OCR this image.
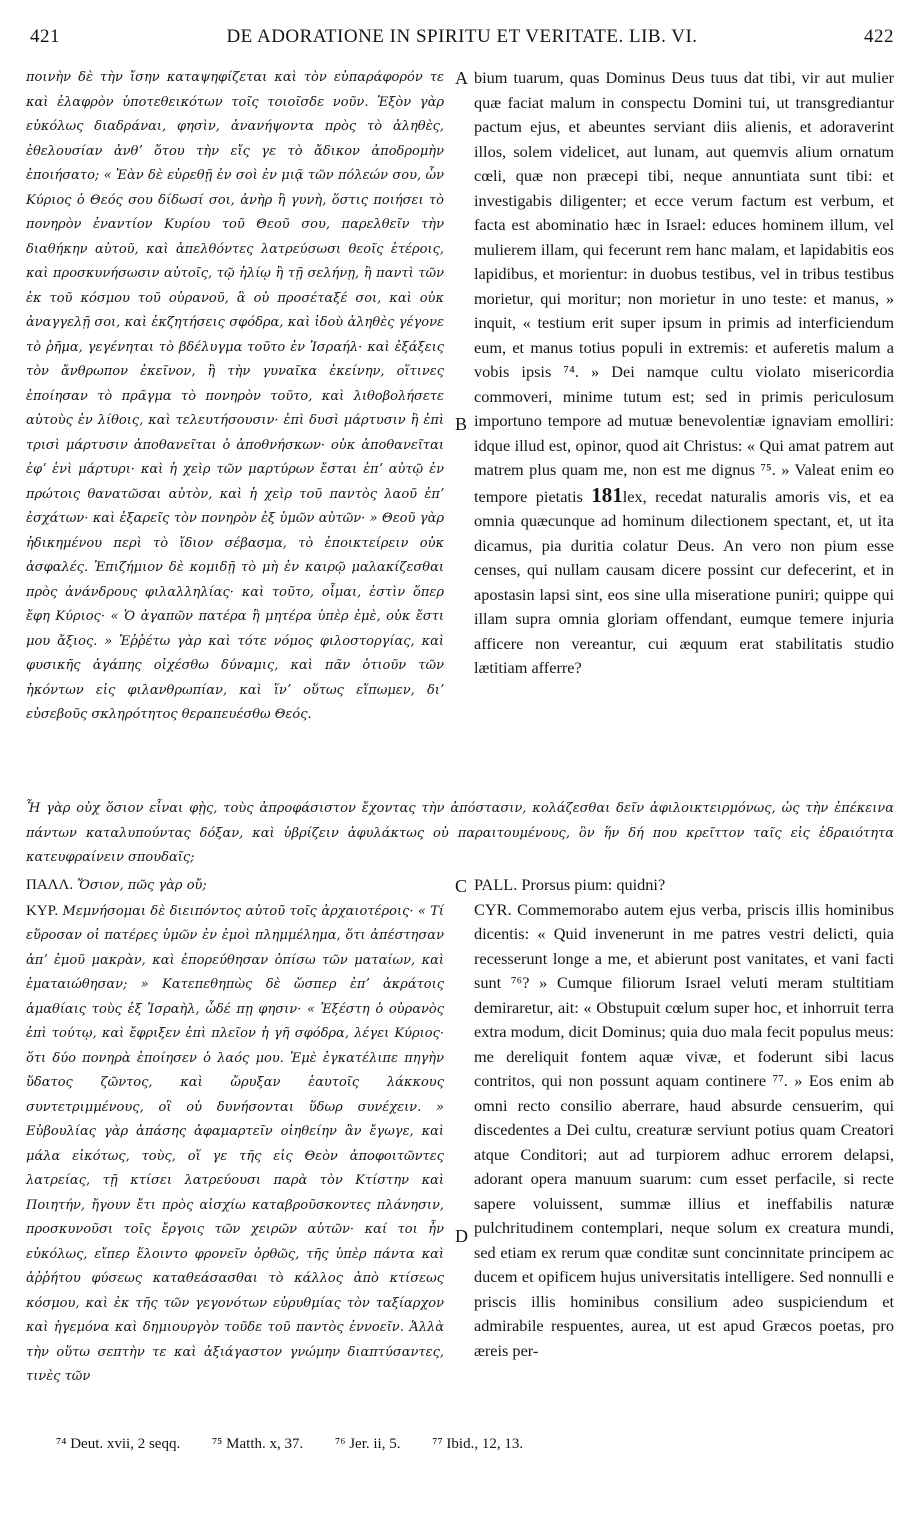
DE ADORATIONE IN SPIRITU ET VERITATE. LIB. VI.
421	422
A
B
C
D

ποινὴν δὲ τὴν ἴσην καταψηφίζεται καὶ τὸν εὐπαράφορόν τε καὶ ἐλαφρὸν ὑποτεθεικότων τοῖς τοιοῖσδε νοῦν. Ἐξὸν γὰρ εὐκόλως διαδράναι, φησὶν, ἀνανήψοντα πρὸς τὸ ἀληθὲς, ἐθελουσίαν ἀνθʼ ὅτου τὴν εἴς γε τὸ ἄδικον ἀποδρομὴν ἐποιήσατο; « Ἐὰν δὲ εὑρεθῇ ἐν σοὶ ἐν μιᾷ τῶν πόλεών σου, ὧν Κύριος ὁ Θεός σου δίδωσί σοι, ἀνὴρ ἢ γυνὴ, ὅστις ποιήσει τὸ πονηρὸν ἐναντίον Κυρίου τοῦ Θεοῦ σου, παρελθεῖν τὴν διαθήκην αὐτοῦ, καὶ ἀπελθόντες λατρεύσωσι θεοῖς ἑτέροις, καὶ προσκυνήσωσιν αὐτοῖς, τῷ ἡλίῳ ἢ τῇ σελήνῃ, ἢ παντὶ τῶν ἐκ τοῦ κόσμου τοῦ οὐρανοῦ, ἃ οὐ προσέταξέ σοι, καὶ οὐκ ἀναγγελῇ σοι, καὶ ἐκζητήσεις σφόδρα, καὶ ἰδοὺ ἀληθὲς γέγονε τὸ ῥῆμα, γεγένηται τὸ βδέλυγμα τοῦτο ἐν Ἰσραήλ· καὶ ἐξάξεις τὸν ἄνθρωπον ἐκεῖνον, ἢ τὴν γυναῖκα ἐκείνην, οἵτινες ἐποίησαν τὸ πρᾶγμα τὸ πονηρὸν τοῦτο, καὶ λιθοβολήσετε αὐτοὺς ἐν λίθοις, καὶ τελευτήσουσιν· ἐπὶ δυσὶ μάρτυσιν ἢ ἐπὶ τρισὶ μάρτυσιν ἀποθανεῖται ὁ ἀποθνήσκων· οὐκ ἀποθανεῖται ἐφʼ ἑνὶ μάρτυρι· καὶ ἡ χεὶρ τῶν μαρτύρων ἔσται ἐπʼ αὐτῷ ἐν πρώτοις θανατῶσαι αὐτὸν, καὶ ἡ χεὶρ τοῦ παντὸς λαοῦ ἐπʼ ἐσχάτων· καὶ ἐξαρεῖς τὸν πονηρὸν ἐξ ὑμῶν αὐτῶν· » Θεοῦ γὰρ ἠδικημένου περὶ τὸ ἴδιον σέβασμα, τὸ ἐποικτείρειν οὐκ ἀσφαλές. Ἐπιζήμιον δὲ κομιδῇ τὸ μὴ ἐν καιρῷ μαλακίζεσθαι πρὸς ἀνάνδρους φιλαλληλίας· καὶ τοῦτο, οἶμαι, ἐστὶν ὅπερ ἔφη Κύριος· « Ὁ ἀγαπῶν πατέρα ἢ μητέρα ὑπὲρ ἐμὲ, οὐκ ἔστι μου ἄξιος. » Ἐῤῥέτω γὰρ καὶ τότε νόμος φιλοστοργίας, καὶ φυσικῆς ἀγάπης οἰχέσθω δύναμις, καὶ πᾶν ὁτιοῦν τῶν ἡκόντων εἰς φιλανθρωπίαν, καὶ ἵνʼ οὕτως εἴπωμεν, διʼ εὐσεβοῦς σκληρότητος θεραπευέσθω Θεός.

bium tuarum, quas Dominus Deus tuus dat tibi, vir aut mulier quæ faciat malum in conspectu Domini tui, ut transgrediantur pactum ejus, et abeuntes serviant diis alienis, et adoraverint illos, solem videlicet, aut lunam, aut quemvis alium ornatum cœli, quæ non præcepi tibi, neque annuntiata sunt tibi: et investigabis diligenter; et ecce verum factum est verbum, et facta est abominatio hæc in Israel: educes hominem illum, vel mulierem illam, qui fecerunt rem hanc malam, et lapidabitis eos lapidibus, et morientur: in duobus testibus, vel in tribus testibus morietur, qui moritur; non morietur in uno teste: et manus, » inquit, « testium erit super ipsum in primis ad interficiendum eum, et manus totius populi in extremis: et auferetis malum a vobis ipsis ⁷⁴. » Dei namque cultu violato misericordia commoveri, minime tutum est; sed in primis periculosum importuno tempore ad mutuæ benevolentiæ ignaviam emolliri: idque illud est, opinor, quod ait Christus: « Qui amat patrem aut matrem plus quam me, non est me dignus ⁷⁵. » Valeat enim eo tempore pietatis 181lex, recedat naturalis amoris vis, et ea omnia quæcunque ad hominum dilectionem spectant, et, ut ita dicamus, pia duritia colatur Deus. An vero non pium esse censes, qui nullam causam dicere possint cur defecerint, et in apostasin lapsi sint, eos sine ulla miseratione puniri; quippe qui illam supra omnia gloriam offendant, eumque temere injuria afficere non vereantur, cui æquum erat stabilitatis studio lætitiam afferre?

Ἦ γὰρ οὐχ ὅσιον εἶναι φῂς, τοὺς ἀπροφάσιστον ἔχοντας τὴν ἀπόστασιν, κολάζεσθαι δεῖν ἀφιλοικτειρμόνως, ὡς τὴν ἐπέκεινα πάντων καταλυπούντας δόξαν, καὶ ὑβρίζειν ἀφυλάκτως οὐ παραιτουμένους, ὃν ἥν δή που κρεῖττον ταῖς εἰς ἑδραιότητα κατευφραίνειν σπουδαῖς;

ΠΑΛΛ. Ὅσιον, πῶς γὰρ οὔ;

ΚΥΡ. Μεμνήσομαι δὲ διειπόντος αὐτοῦ τοῖς ἀρχαιοτέροις· « Τί εὕροσαν οἱ πατέρες ὑμῶν ἐν ἐμοὶ πλημμέλημα, ὅτι ἀπέστησαν ἀπʼ ἐμοῦ μακρὰν, καὶ ἐπορεύθησαν ὀπίσω τῶν ματαίων, καὶ ἐματαιώθησαν; » Κατεπεθηπὼς δὲ ὥσπερ ἐπʼ ἀκράτοις ἁμαθίαις τοὺς ἐξ Ἰσραὴλ, ὧδέ πῃ φησιν· « Ἐξέστη ὁ οὐρανὸς ἐπὶ τούτῳ, καὶ ἔφριξεν ἐπὶ πλεῖον ἡ γῆ σφόδρα, λέγει Κύριος· ὅτι δύο πονηρὰ ἐποίησεν ὁ λαός μου. Ἐμὲ ἐγκατέλιπε πηγὴν ὕδατος ζῶντος, καὶ ὤρυξαν ἑαυτοῖς λάκκους συντετριμμένους, οἳ οὐ δυνήσονται ὕδωρ συνέχειν. » Εὐβουλίας γὰρ ἁπάσης ἀφαμαρτεῖν οἰηθείην ἂν ἔγωγε, καὶ μάλα εἰκότως, τοὺς, οἵ γε τῆς εἰς Θεὸν ἀποφοιτῶντες λατρείας, τῇ κτίσει λατρεύουσι παρὰ τὸν Κτίστην καὶ Ποιητήν, ἤγουν ἔτι πρὸς αἰσχίω καταβροῦσκοντες πλάνησιν, προσκυνοῦσι τοῖς ἔργοις τῶν χειρῶν αὐτῶν· καί τοι ἦν εὐκόλως, εἴπερ ἕλοιντο φρονεῖν ὀρθῶς, τῆς ὑπὲρ πάντα καὶ ἀῤῥήτου φύσεως καταθεάσασθαι τὸ κάλλος ἀπὸ κτίσεως κόσμου, καὶ ἐκ τῆς τῶν γεγονότων εὐρυθμίας τὸν ταξίαρχον καὶ ἡγεμόνα καὶ δημιουργὸν τοῦδε τοῦ παντὸς ἐννοεῖν. Ἀλλὰ τὴν οὕτω σεπτὴν τε καὶ ἀξιάγαστον γνώμην διαπτύσαντες, τινὲς τῶν

PALL. Prorsus pium: quidni?

CYR. Commemorabo autem ejus verba, priscis illis hominibus dicentis: « Quid invenerunt in me patres vestri delicti, quia recesserunt longe a me, et abierunt post vanitates, et vani facti sunt ⁷⁶? » Cumque filiorum Israel veluti meram stultitiam demiraretur, ait: « Obstupuit cœlum super hoc, et inhorruit terra extra modum, dicit Dominus; quia duo mala fecit populus meus: me dereliquit fontem aquæ vivæ, et foderunt sibi lacus contritos, qui non possunt aquam continere ⁷⁷. » Eos enim ab omni recto consilio aberrare, haud absurde censuerim, qui discedentes a Dei cultu, creaturæ serviunt potius quam Creatori atque Conditori; aut ad turpiorem adhuc errorem delapsi, adorant opera manuum suarum: cum esset perfacile, si recte sapere voluissent, summæ illius et ineffabilis naturæ pulchritudinem contemplari, neque solum ex creatura mundi, sed etiam ex rerum quæ conditæ sunt concinnitate principem ac ducem et opificem hujus universitatis intelligere. Sed nonnulli e priscis illis hominibus consilium adeo suspiciendum et admirabile respuentes, aurea, ut est apud Græcos poetas, pro æreis per-

⁷⁴ Deut. xvii, 2 seqq. ⁷⁵ Matth. x, 37. ⁷⁶ Jer. ii, 5. ⁷⁷ Ibid., 12, 13.
